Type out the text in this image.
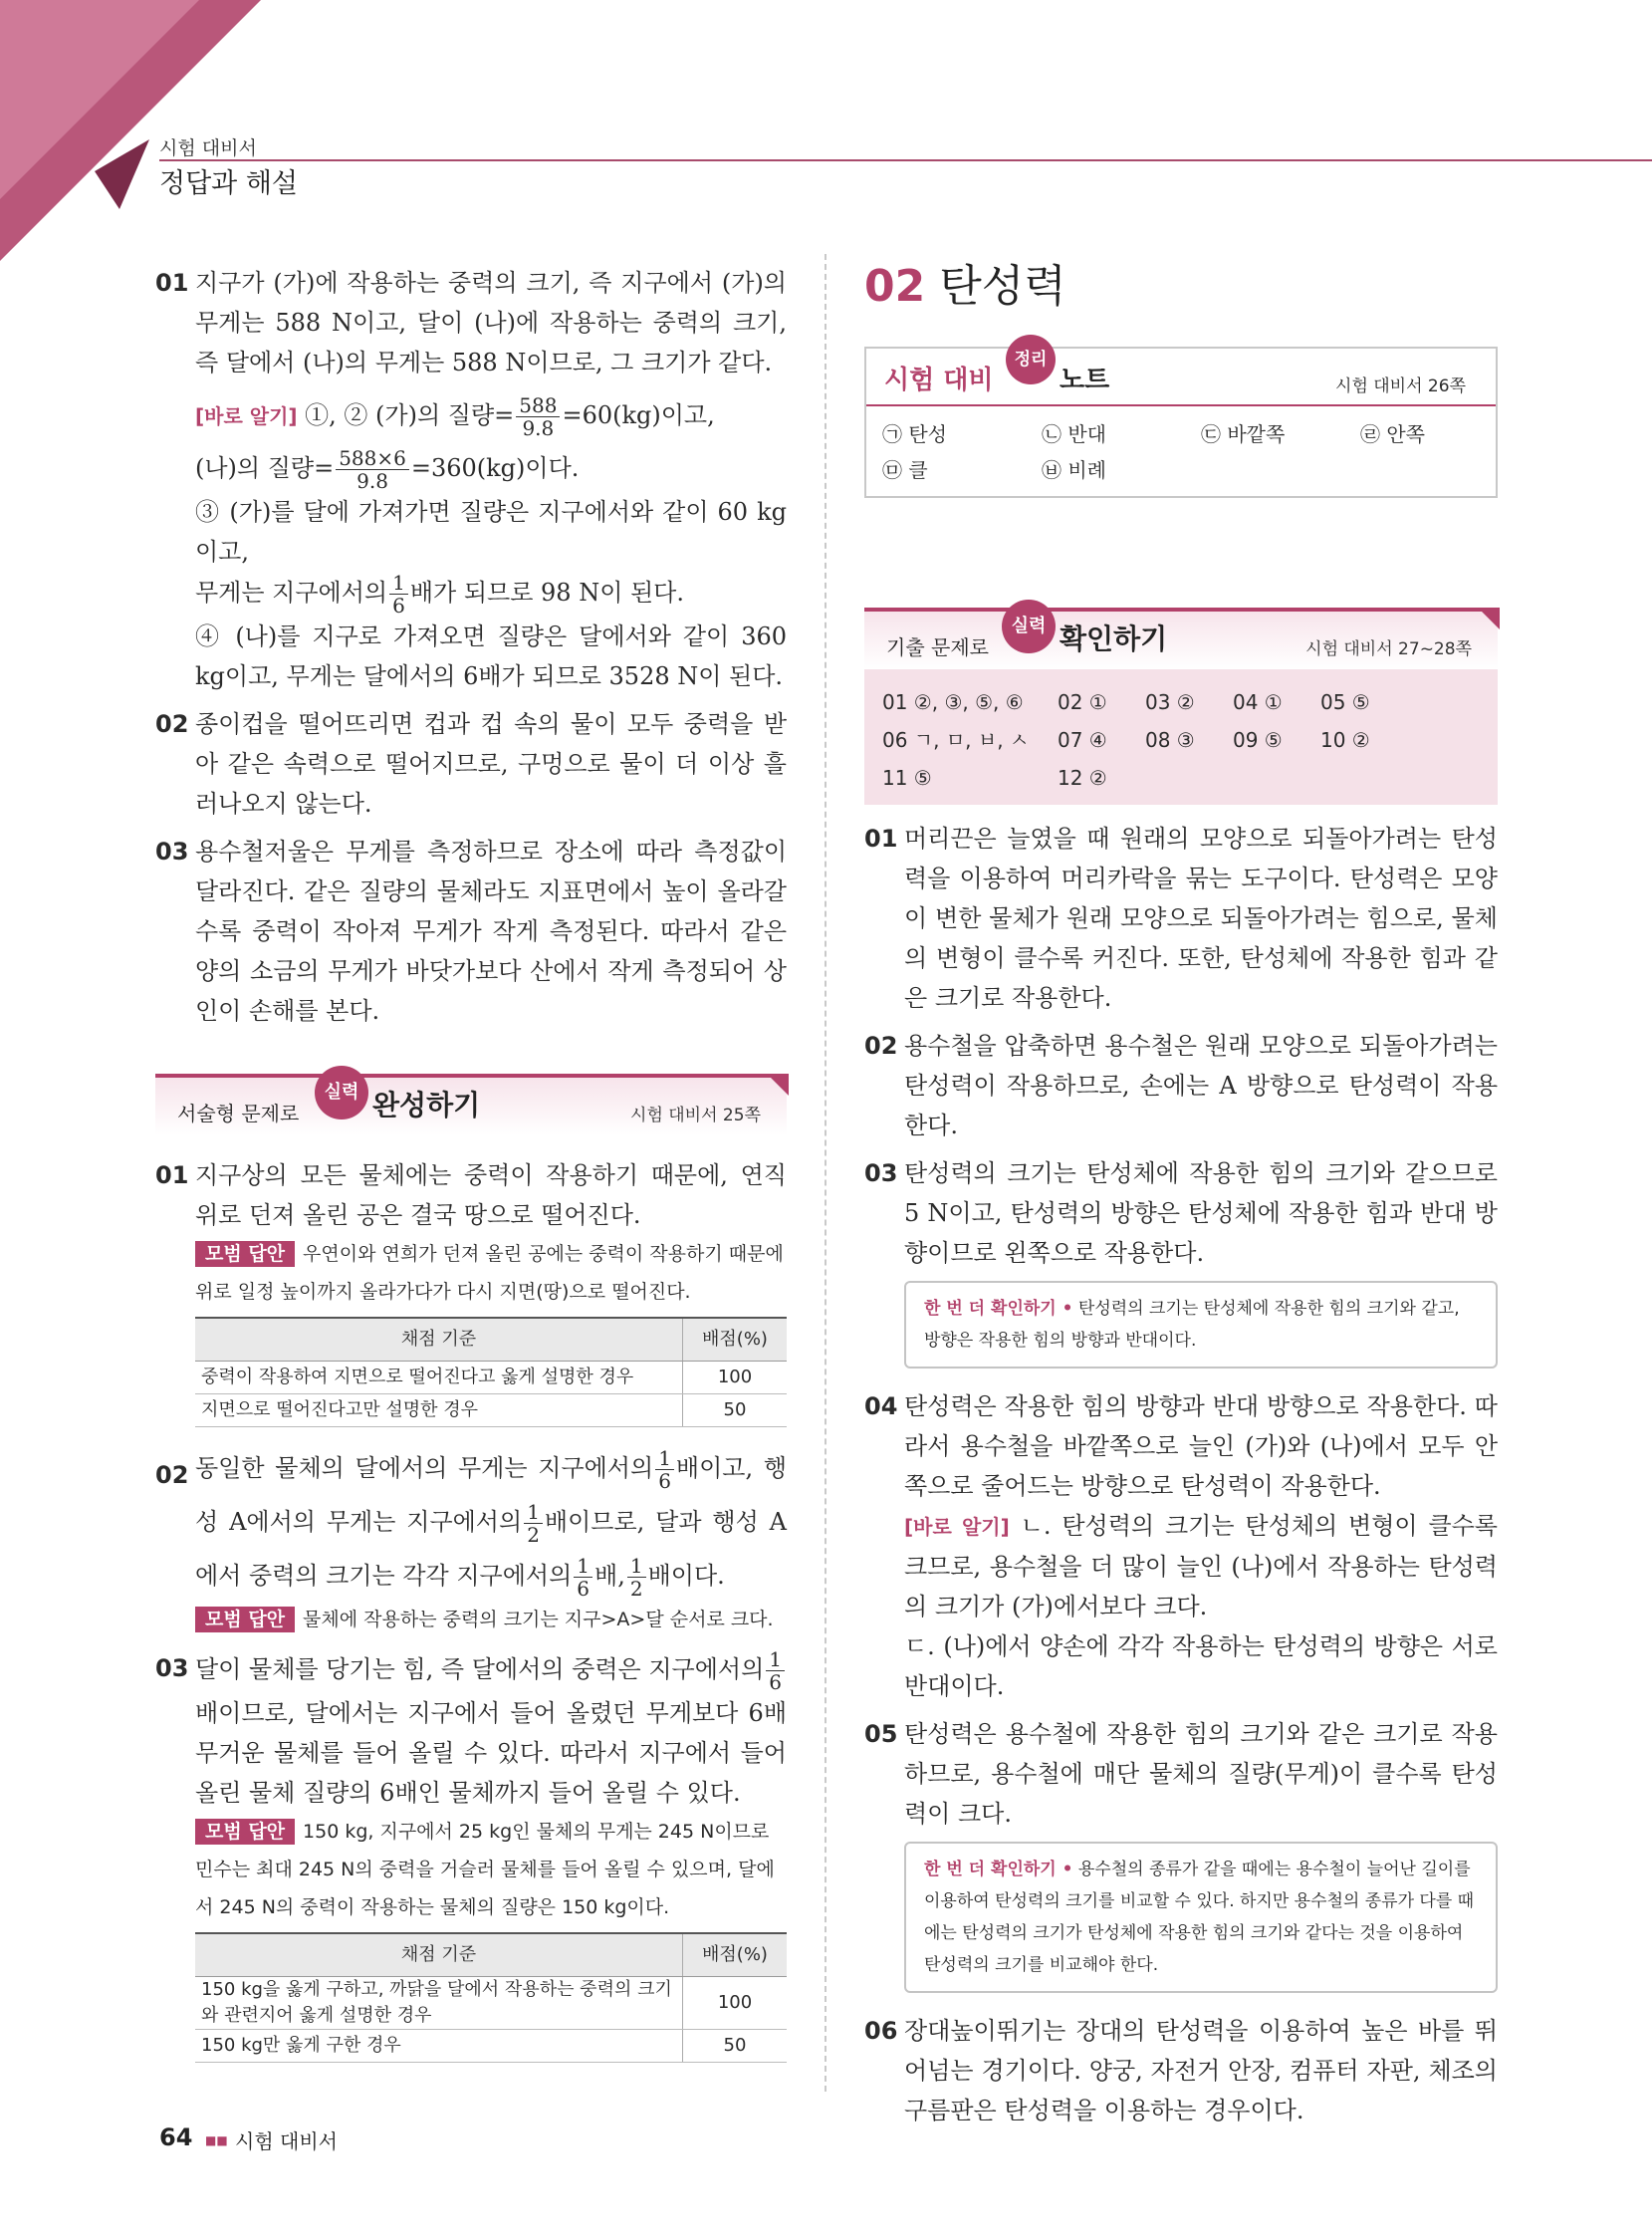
시험 대비서
정답과 해설
01 지구가 (가)에 작용하는 중력의 크기, 즉 지구에서 (가)의 무게는 588 N이고, 달이 (나)에 작용하는 중력의 크기, 즉 달에서 (나)의 무게는 588 N이므로, 그 크기가 같다.

[바로 알기] ①, ② (가)의 질량= $\frac{588}{9.8} =60(kg)$이고,

(나)의 질량= $\frac{588\times 6}{9.8} =360(kg)$이다.

③ (가)를 달에 가져가면 질량은 지구에서와 같이 60 kg이고,

무게는 지구에서의 $\frac{1}{6}$ 배가 되므로 98 N이 된다.

④ (나)를 지구로 가져오면 질량은 달에서와 같이 360 kg이고, 무게는 달에서의 6배가 되므로 3528 N이 된다.

02 종이컵을 떨어뜨리면 컵과 컵 속의 물이 모두 중력을 받아 같은 속력으로 떨어지므로, 구멍으로 물이 더 이상 흘러나오지 않는다.

03 용수철저울은 무게를 측정하므로 장소에 따라 측정값이 달라진다. 같은 질량의 물체라도 지표면에서 높이 올라갈수록 중력이 작아져 무게가 작게 측정된다. 따라서 같은 양의 소금의 무게가 바닷가보다 산에서 작게 측정되어 상인이 손해를 본다.

서술형 문제로
실력 완성하기	시험 대비서 25쪽
01 지구상의 모든 물체에는 중력이 작용하기 때문에, 연직 위로 던져 올린 공은 결국 땅으로 떨어진다.

모범 답안 우연이와 연희가 던져 올린 공에는 중력이 작용하기 때문에 위로 일정 높이까지 올라가다가 다시 지면(땅)으로 떨어진다.
채점 기준	배점(%)
중력이 작용하여 지면으로 떨어진다고 옳게 설명한 경우	100
지면으로 떨어진다고만 설명한 경우	50
02 동일한 물체의 달에서의 무게는 지구에서의 $\frac{1}{6}$ 배이고, 행성 A에서의 무게는 지구에서의 $\frac{1}{2}$ 배이므로, 달과 행성 A에서 중력의 크기는 각각 지구에서의 $\frac{1}{6}$ 배, $\frac{1}{2}$ 배이다.

모범 답안 물체에 작용하는 중력의 크기는 지구>A>달 순서로 크다.
03 달이 물체를 당기는 힘, 즉 달에서의 중력은 지구에서의 $\frac{1}{6}$
배이므로, 달에서는 지구에서 들어 올렸던 무게보다 6배 무거운 물체를 들어 올릴 수 있다. 따라서 지구에서 들어 올린 물체 질량의 6배인 물체까지 들어 올릴 수 있다.

모범 답안 150 kg, 지구에서 25 kg인 물체의 무게는 245 N이므로 민수는 최대 245 N의 중력을 거슬러 물체를 들어 올릴 수 있으며, 달에서 245 N의 중력이 작용하는 물체의 질량은 150 kg이다.
채점 기준	배점(%)
150 kg을 옳게 구하고, 까닭을 달에서 작용하는 중력의 크기와 관련지어 옳게 설명한 경우	100
150 kg만 옳게 구한 경우	50
02 탄성력
시험 대비
정리
노트	시험 대비서 26쪽
㉠ 탄성	㉡ 반대	㉢ 바깥쪽	㉣ 안쪽
㉤ 클	㉥ 비례
기출 문제로
실력 확인하기	시험 대비서 27~28쪽
01 ②, ③, ⑤, ⑥	02 ①	03 ②	04 ①	05 ⑤
06 ㄱ, ㅁ, ㅂ, ㅅ	07 ④	08 ③	09 ⑤	10 ②
11 ⑤	12 ②
01 머리끈은 늘였을 때 원래의 모양으로 되돌아가려는 탄성력을 이용하여 머리카락을 묶는 도구이다. 탄성력은 모양이 변한 물체가 원래 모양으로 되돌아가려는 힘으로, 물체의 변형이 클수록 커진다. 또한, 탄성체에 작용한 힘과 같은 크기로 작용한다.

02 용수철을 압축하면 용수철은 원래 모양으로 되돌아가려는 탄성력이 작용하므로, 손에는 A 방향으로 탄성력이 작용한다.

03 탄성력의 크기는 탄성체에 작용한 힘의 크기와 같으므로 5 N이고, 탄성력의 방향은 탄성체에 작용한 힘과 반대 방향이므로 왼쪽으로 작용한다.

한 번 더 확인하기 • 탄성력의 크기는 탄성체에 작용한 힘의 크기와 같고, 방향은 작용한 힘의 방향과 반대이다.
04 탄성력은 작용한 힘의 방향과 반대 방향으로 작용한다. 따라서 용수철을 바깥쪽으로 늘인 (가)와 (나)에서 모두 안쪽으로 줄어드는 방향으로 탄성력이 작용한다.

[바로 알기] ㄴ. 탄성력의 크기는 탄성체의 변형이 클수록 크므로, 용수철을 더 많이 늘인 (나)에서 작용하는 탄성력의 크기가 (가)에서보다 크다.

ㄷ. (나)에서 양손에 각각 작용하는 탄성력의 방향은 서로 반대이다.

05 탄성력은 용수철에 작용한 힘의 크기와 같은 크기로 작용하므로, 용수철에 매단 물체의 질량(무게)이 클수록 탄성력이 크다.

한 번 더 확인하기 • 용수철의 종류가 같을 때에는 용수철이 늘어난 길이를 이용하여 탄성력의 크기를 비교할 수 있다. 하지만 용수철의 종류가 다를 때에는 탄성력의 크기가 탄성체에 작용한 힘의 크기와 같다는 것을 이용하여 탄성력의 크기를 비교해야 한다.
06 장대높이뛰기는 장대의 탄성력을 이용하여 높은 바를 뛰어넘는 경기이다. 양궁, 자전거 안장, 컴퓨터 자판, 체조의 구름판은 탄성력을 이용하는 경우이다.

64 ■■ 시험 대비서
